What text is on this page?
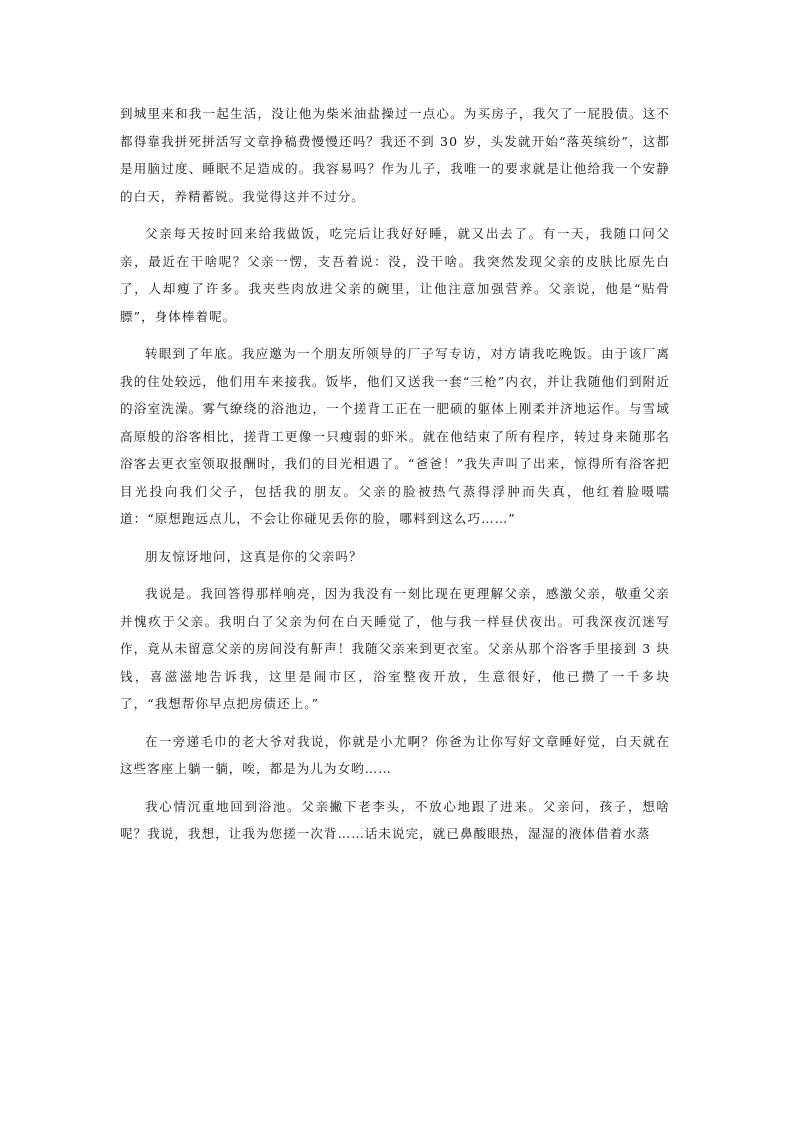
到城里来和我一起生活，没让他为柴米油盐操过一点心。为买房子，我欠了一屁股债。这不都得靠我拼死拼活写文章挣稿费慢慢还吗？我还不到 30 岁，头发就开始“落英缤纷”，这都是用脑过度、睡眠不足造成的。我容易吗？作为儿子，我唯一的要求就是让他给我一个安静的白天，养精蓄锐。我觉得这并不过分。

父亲每天按时回来给我做饭，吃完后让我好好睡，就又出去了。有一天，我随口问父亲，最近在干啥呢？父亲一愣，支吾着说：没，没干啥。我突然发现父亲的皮肤比原先白了，人却瘦了许多。我夹些肉放进父亲的碗里，让他注意加强营养。父亲说，他是“贴骨膘”，身体棒着呢。

转眼到了年底。我应邀为一个朋友所领导的厂子写专访，对方请我吃晚饭。由于该厂离我的住处较远，他们用车来接我。饭毕，他们又送我一套“三枪”内衣，并让我随他们到附近的浴室洗澡。雾气缭绕的浴池边，一个搓背工正在一肥硕的躯体上刚柔并济地运作。与雪域高原般的浴客相比，搓背工更像一只瘦弱的虾米。就在他结束了所有程序，转过身来随那名浴客去更衣室领取报酬时，我们的目光相遇了。“爸爸！”我失声叫了出来，惊得所有浴客把目光投向我们父子，包括我的朋友。父亲的脸被热气蒸得浮肿而失真，他红着脸嗫嚅道：“原想跑远点儿，不会让你碰见丢你的脸，哪料到这么巧……”

朋友惊讶地问，这真是你的父亲吗？

我说是。我回答得那样响亮，因为我没有一刻比现在更理解父亲，感激父亲，敬重父亲并愧疚于父亲。我明白了父亲为何在白天睡觉了，他与我一样昼伏夜出。可我深夜沉迷写作，竟从未留意父亲的房间没有鼾声！我随父亲来到更衣室。父亲从那个浴客手里接到 3 块钱，喜滋滋地告诉我，这里是闹市区，浴室整夜开放，生意很好，他已攒了一千多块了，“我想帮你早点把房债还上。”

在一旁递毛巾的老大爷对我说，你就是小尤啊？你爸为让你写好文章睡好觉，白天就在这些客座上躺一躺，唉，都是为儿为女哟……

我心情沉重地回到浴池。父亲撇下老李头，不放心地跟了进来。父亲问，孩子，想啥呢？我说，我想，让我为您搓一次背……话未说完，就已鼻酸眼热，湿湿的液体借着水蒸
